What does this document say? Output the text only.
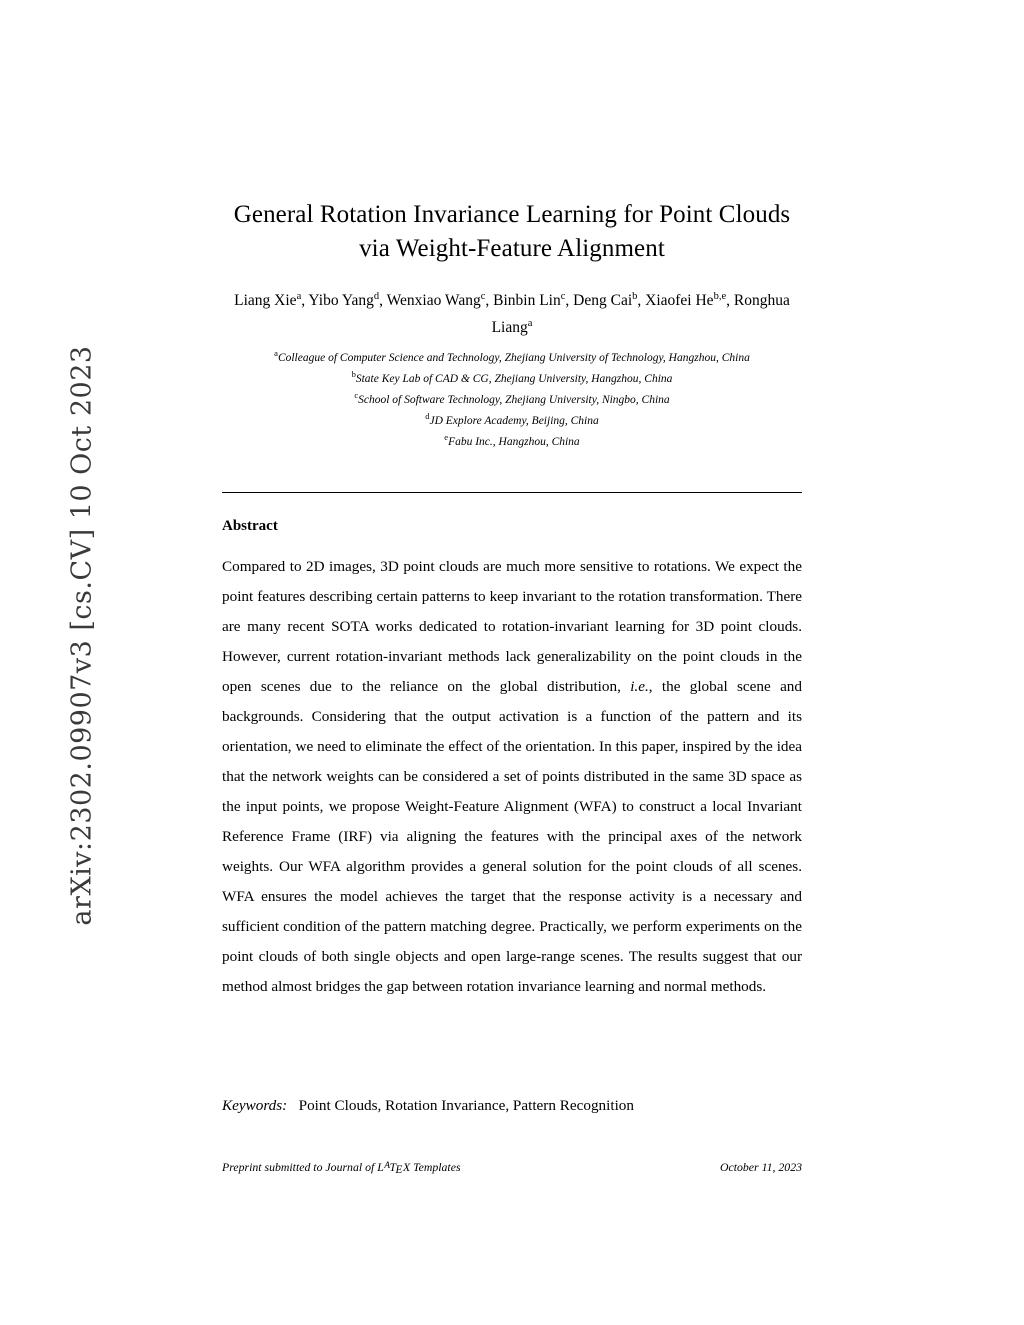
arXiv:2302.09907v3 [cs.CV] 10 Oct 2023
General Rotation Invariance Learning for Point Clouds
via Weight-Feature Alignment
Liang Xie$^a$, Yibo Yang$^d$, Wenxiao Wang$^c$, Binbin Lin$^c$, Deng Cai$^b$, Xiaofei He$^{b,e}$, Ronghua Liang$^a$
$^a$Colleague of Computer Science and Technology, Zhejiang University of Technology, Hangzhou, China
$^b$State Key Lab of CAD & CG, Zhejiang University, Hangzhou, China
$^c$School of Software Technology, Zhejiang University, Ningbo, China
$^d$JD Explore Academy, Beijing, China
$^e$Fabu Inc., Hangzhou, China
Abstract
Compared to 2D images, 3D point clouds are much more sensitive to rotations. We expect the point features describing certain patterns to keep invariant to the rotation transformation. There are many recent SOTA works dedicated to rotation-invariant learning for 3D point clouds. However, current rotation-invariant methods lack generalizability on the point clouds in the open scenes due to the reliance on the global distribution, i.e., the global scene and backgrounds. Considering that the output activation is a function of the pattern and its orientation, we need to eliminate the effect of the orientation. In this paper, inspired by the idea that the network weights can be considered a set of points distributed in the same 3D space as the input points, we propose Weight-Feature Alignment (WFA) to construct a local Invariant Reference Frame (IRF) via aligning the features with the principal axes of the network weights. Our WFA algorithm provides a general solution for the point clouds of all scenes. WFA ensures the model achieves the target that the response activity is a necessary and sufficient condition of the pattern matching degree. Practically, we perform experiments on the point clouds of both single objects and open large-range scenes. The results suggest that our method almost bridges the gap between rotation invariance learning and normal methods.
Keywords: Point Clouds, Rotation Invariance, Pattern Recognition
Preprint submitted to Journal of $L^ATEX$ Templates	October 11, 2023
